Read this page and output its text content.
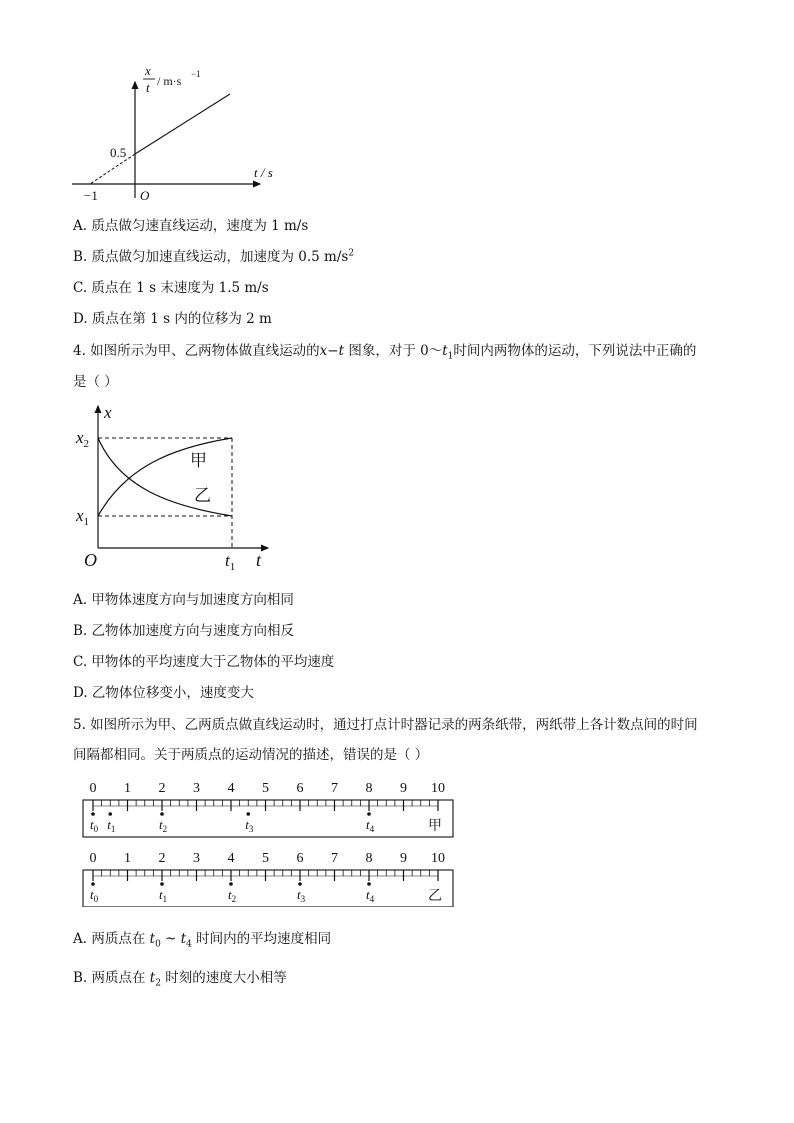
x
t / m·s −1
0.5
−1	O
t / s
A. 质点做匀速直线运动，速度为 1 m/s
B. 质点做匀加速直线运动，加速度为 0.5 $m/s^2$
C. 质点在 1 s 末速度为 1.5 m/s
D. 质点在第 1 s 内的位移为 2 m
4. 如图所示为甲、乙两物体做直线运动的x−t 图象，对于 $0\sim t_1$时间内两物体的运动，下列说法中正确的
是（ ）
x
$x_2$
$x_1$
O	$t_1$ t
甲
乙
A. 甲物体速度方向与加速度方向相同
B. 乙物体加速度方向与速度方向相反
C. 甲物体的平均速度大于乙物体的平均速度
D. 乙物体位移变小，速度变大
5. 如图所示为甲、乙两质点做直线运动时，通过打点计时器记录的两条纸带，两纸带上各计数点间的时间
间隔都相同。关于两质点的运动情况的描述，错误的是（ ）
0 1 2 3 4 5 6 7 8 9 10
$t_0$ $t_1$	$t_2$	$t_3$	$t_4$	甲
0 1 2 3 4 5 6 7 8 9 10
$t_0$	$t_1$	$t_2$	$t_3$	$t_4$	乙
A. 两质点在 $t_0$ ~ $t_4$ 时间内的平均速度相同
B. 两质点在 $t_2$ 时刻的速度大小相等
